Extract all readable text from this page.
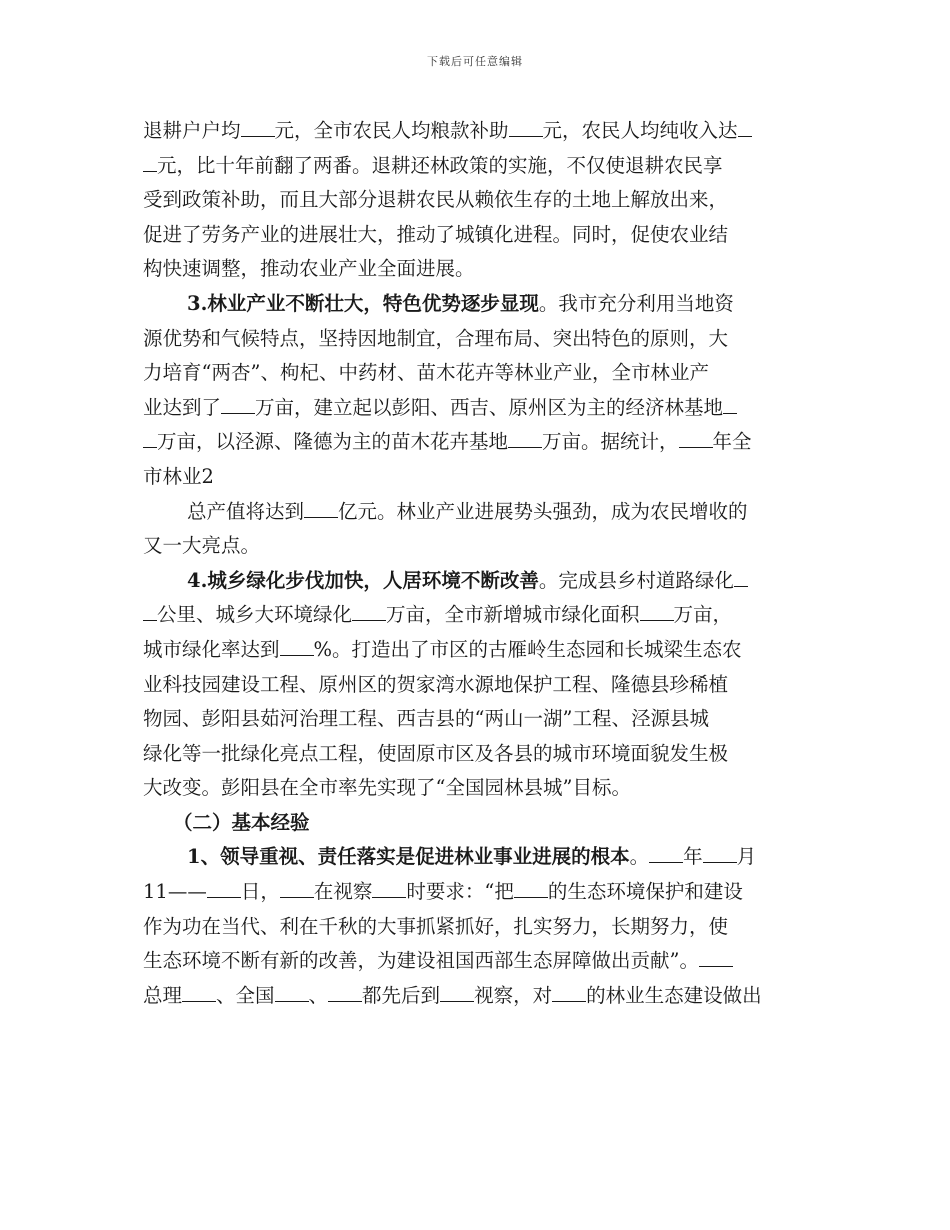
下载后可任意编辑
退耕户户均 元，全市农民人均粮款补助 元，农民人均纯收入达
元，比十年前翻了两番。退耕还林政策的实施，不仅使退耕农民享
受到政策补助，而且大部分退耕农民从赖依生存的土地上解放出来，
促进了劳务产业的进展壮大，推动了城镇化进程。同时，促使农业结
构快速调整，推动农业产业全面进展。
3.林业产业不断壮大，特色优势逐步显现。我市充分利用当地资
源优势和气候特点，坚持因地制宜，合理布局、突出特色的原则，大
力培育“两杏”、枸杞、中药材、苗木花卉等林业产业，全市林业产
业达到了 万亩，建立起以彭阳、西吉、原州区为主的经济林基地
万亩，以泾源、隆德为主的苗木花卉基地 万亩。据统计， 年全
市林业2
总产值将达到 亿元。林业产业进展势头强劲，成为农民增收的
又一大亮点。
4.城乡绿化步伐加快，人居环境不断改善。完成县乡村道路绿化
公里、城乡大环境绿化 万亩，全市新增城市绿化面积 万亩，
城市绿化率达到 %。打造出了市区的古雁岭生态园和长城梁生态农
业科技园建设工程、原州区的贺家湾水源地保护工程、隆德县珍稀植
物园、彭阳县茹河治理工程、西吉县的“两山一湖”工程、泾源县城
绿化等一批绿化亮点工程，使固原市区及各县的城市环境面貌发生极
大改变。彭阳县在全市率先实现了“全国园林县城”目标。
（二）基本经验
1、领导重视、责任落实是促进林业事业进展的根本。 年 月
11—— 日， 在视察 时要求：“把 的生态环境保护和建设
作为功在当代、利在千秋的大事抓紧抓好，扎实努力，长期努力，使
生态环境不断有新的改善，为建设祖国西部生态屏障做出贡献”。
总理 、全国 、 都先后到 视察，对 的林业生态建设做出
